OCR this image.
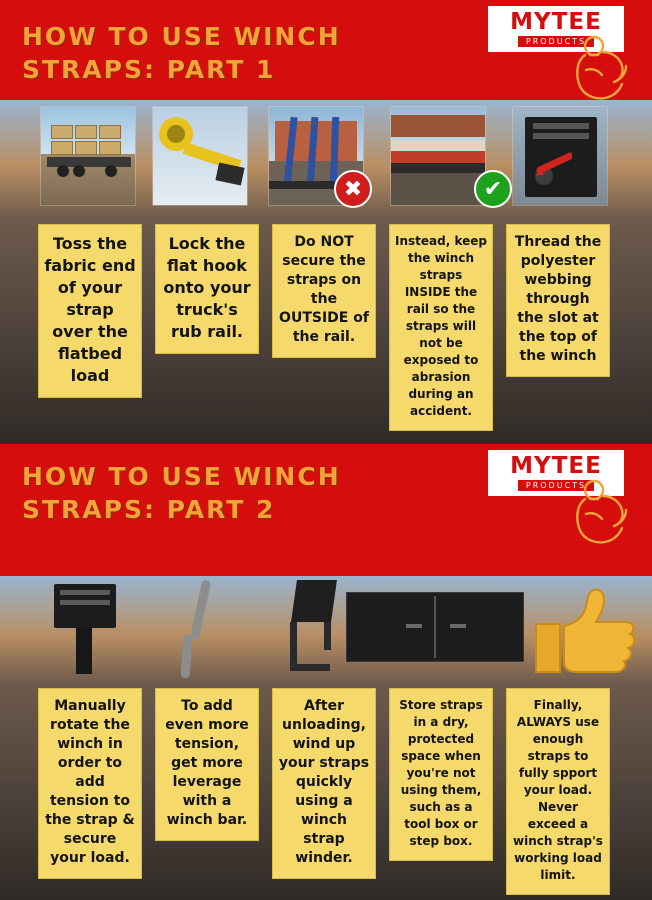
HOW TO USE WINCH STRAPS: PART 1
MYTEE
PRODUCTS
✖	✔
Toss the fabric end of your strap over the flatbed load
Lock the flat hook onto your truck's rub rail.
Do NOT secure the straps on the OUTSIDE of the rail.
Instead, keep the winch straps INSIDE the rail so the straps will not be exposed to abrasion during an accident.
Thread the polyester webbing through the slot at the top of the winch
HOW TO USE WINCH STRAPS: PART 2
MYTEE
PRODUCTS
Manually rotate the winch in order to add tension to the strap & secure your load.
To add even more tension, get more leverage with a winch bar.
After unloading, wind up your straps quickly using a winch strap winder.
Store straps in a dry, protected space when you're not using them, such as a tool box or step box.
Finally, ALWAYS use enough straps to fully spport your load. Never exceed a winch strap's working load limit.
